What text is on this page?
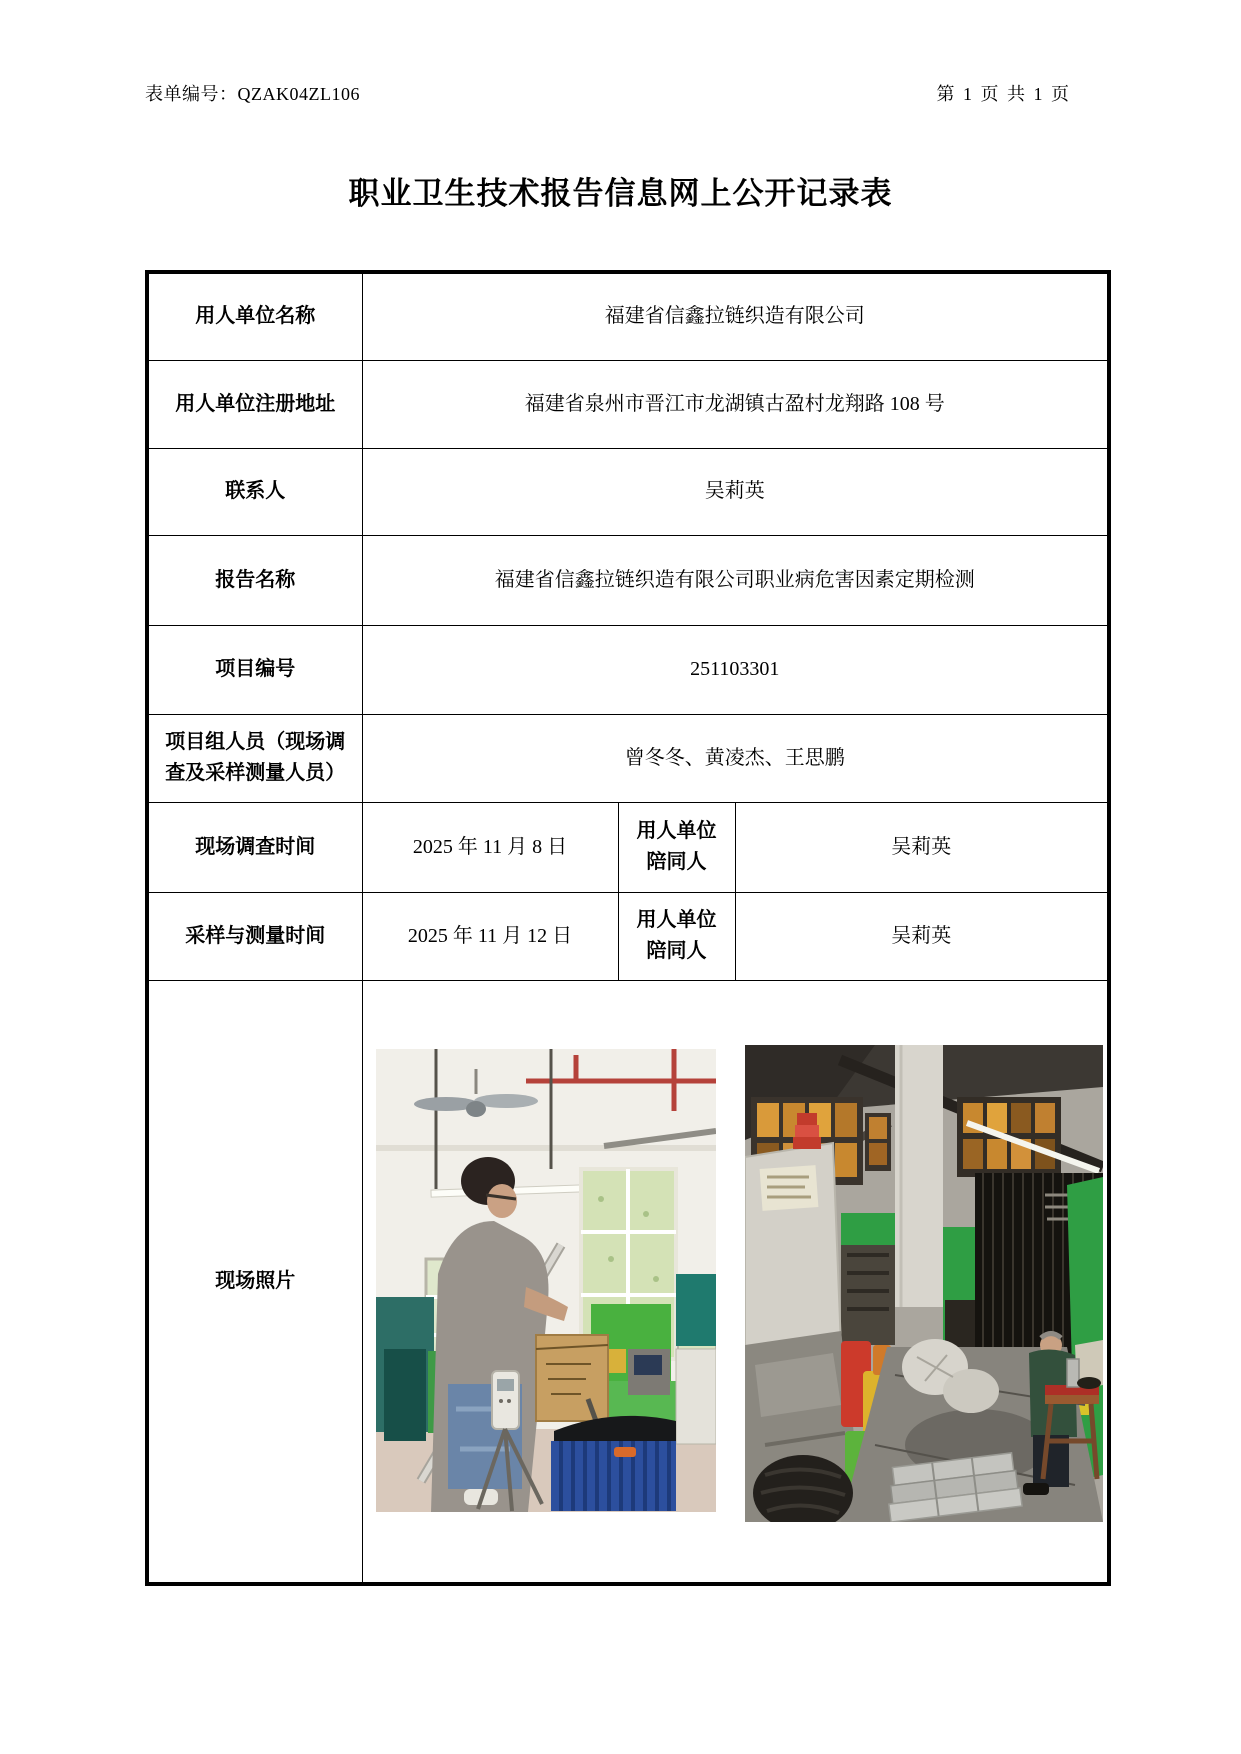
表单编号：QZAK04ZL106	第 1 页 共 1 页
职业卫生技术报告信息网上公开记录表
用人单位名称	福建省信鑫拉链织造有限公司		
用人单位注册地址	福建省泉州市晋江市龙湖镇古盈村龙翔路 108 号		
联系人	吴莉英		
报告名称	福建省信鑫拉链织造有限公司职业病危害因素定期检测		
项目编号	251103301		
项目组人员（现场调查及采样测量人员）	曾冬冬、黄凌杰、王思鹏		
现场调查时间	2025 年 11 月 8 日	用人单位陪同人	吴莉英
采样与测量时间	2025 年 11 月 12 日	用人单位陪同人	吴莉英
现场照片	
